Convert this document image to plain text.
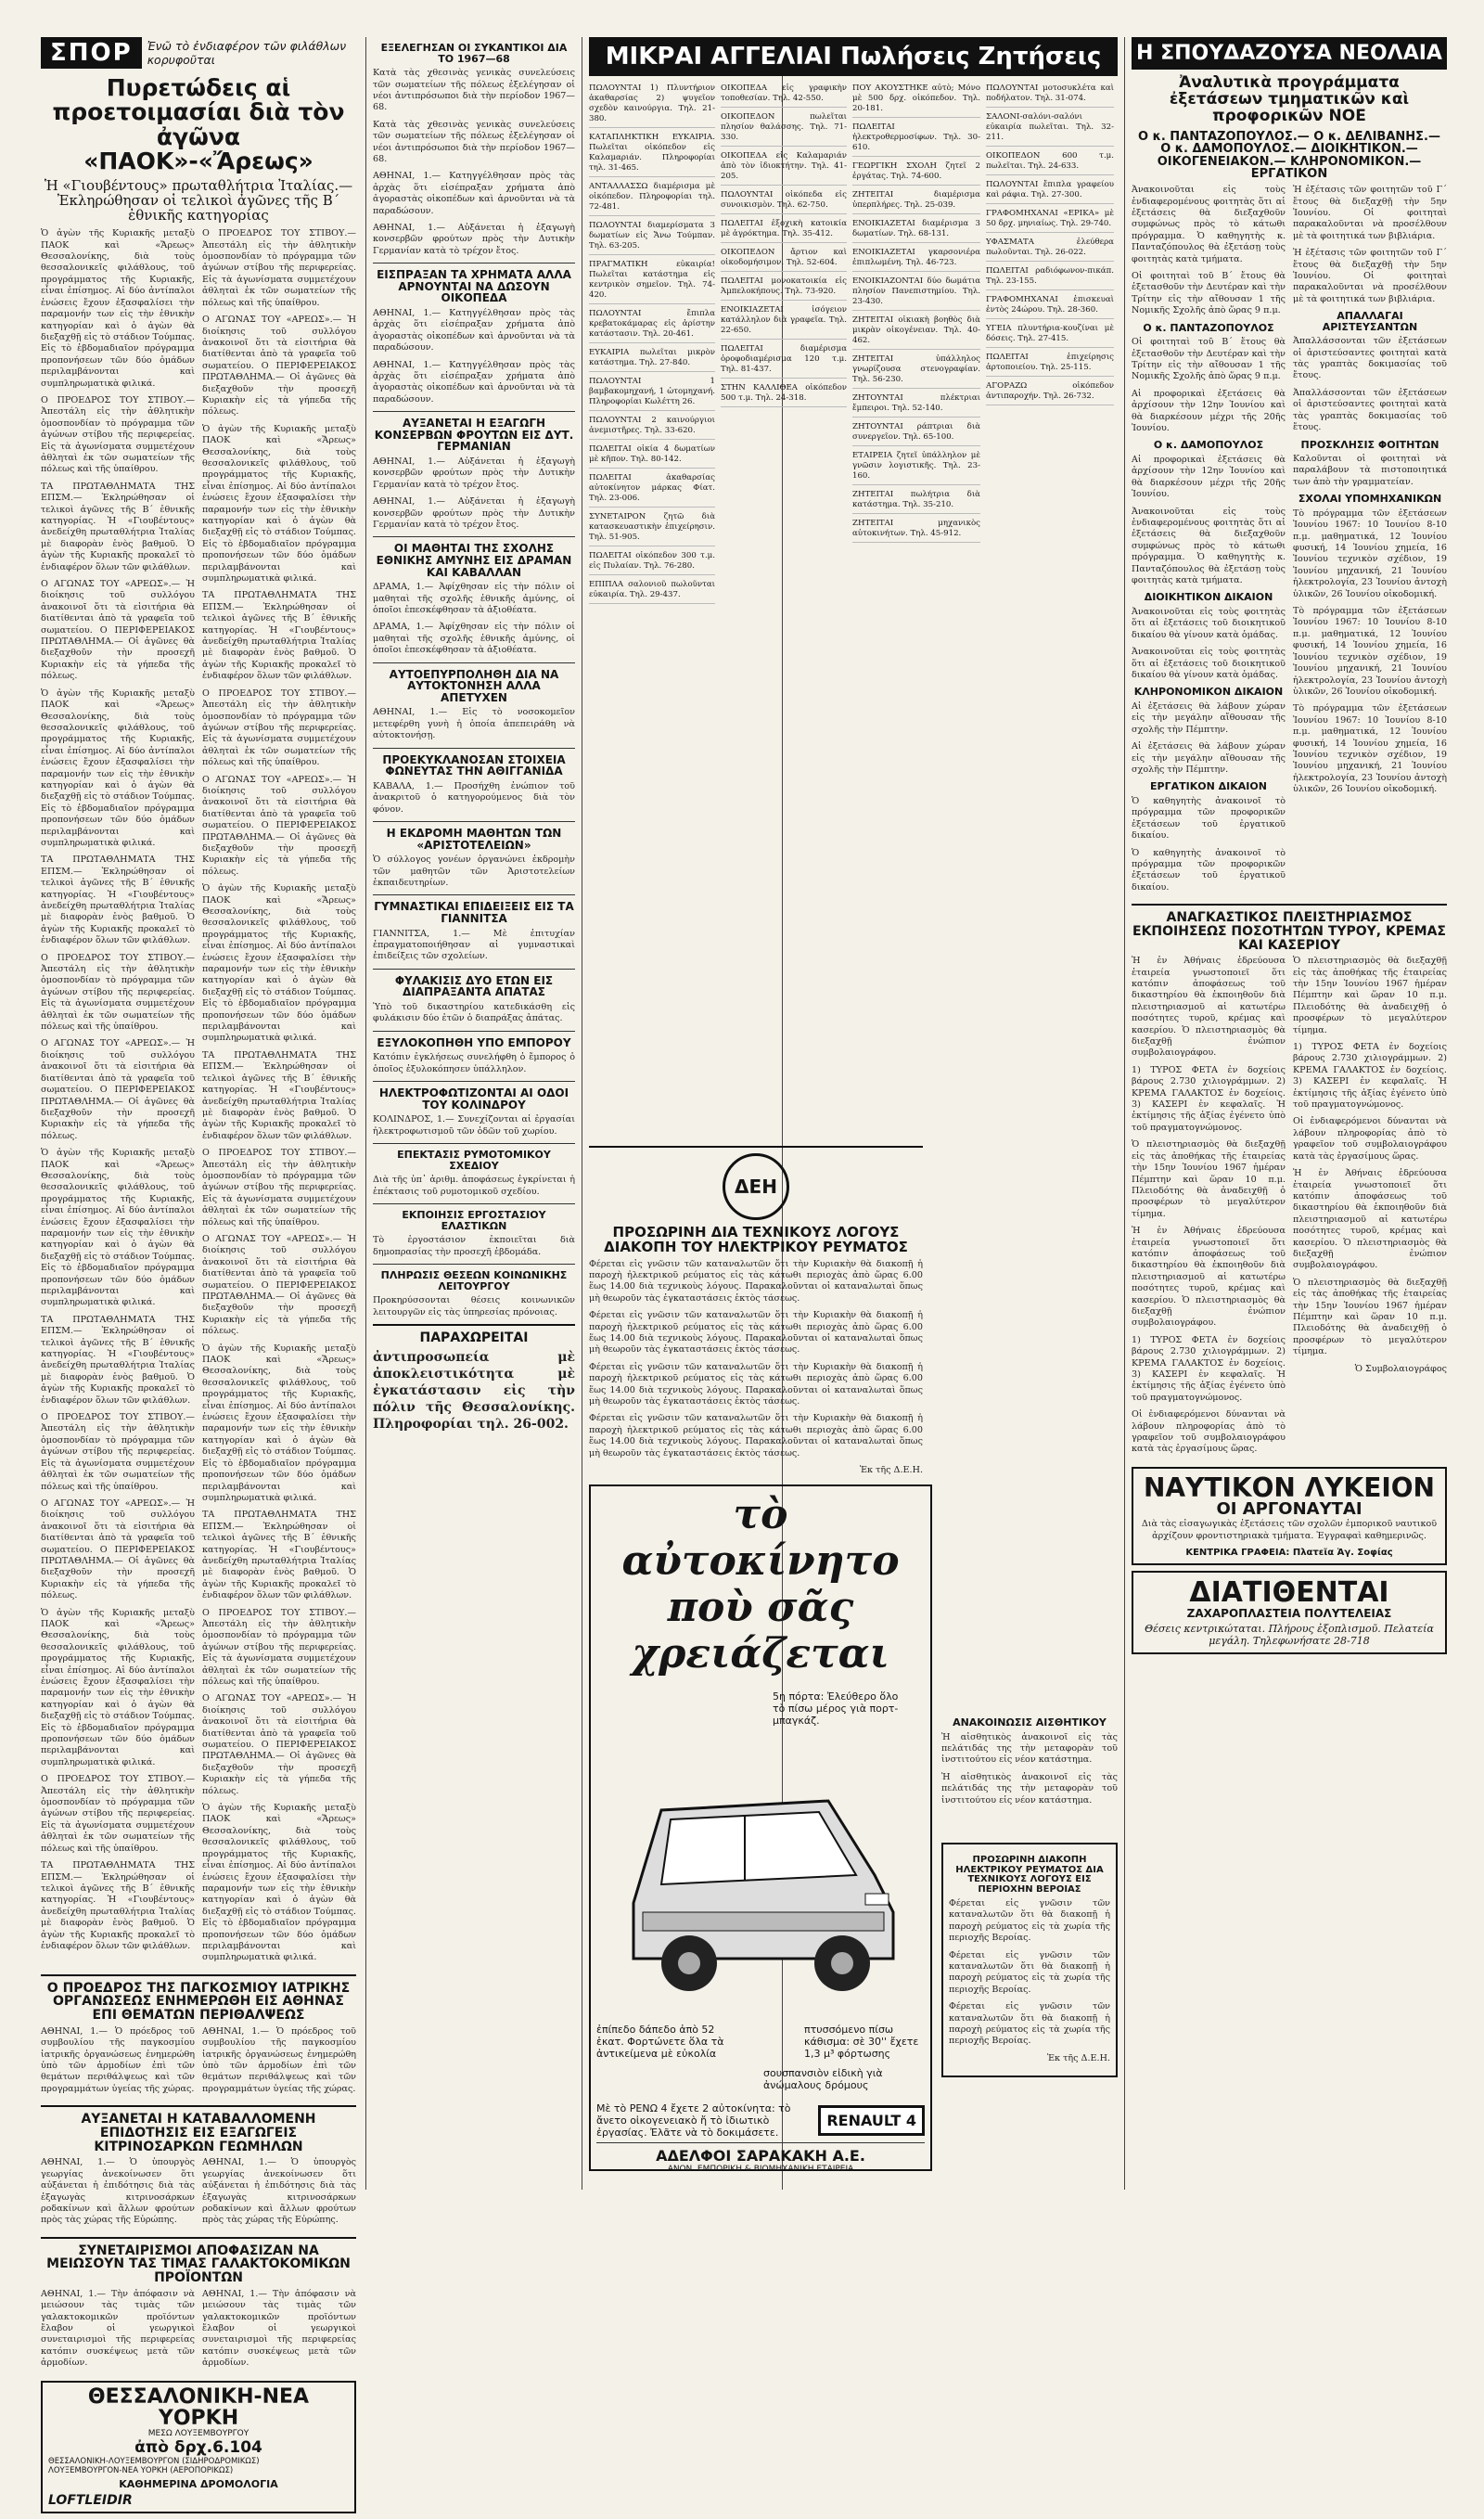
ΣΠΟΡ	Ἐνῶ τὸ ἐνδιαφέρον τῶν φιλάθλων κορυφοῦται
Πυρετώδεις αἱ προετοιμασίαι διὰ τὸν ἀγῶνα «ΠΑΟΚ»-«Ἄρεως»
Ἡ «Γιουβέντους» πρωταθλήτρια Ἰταλίας.— Ἐκληρώθησαν οἱ τελικοὶ ἀγῶνες τῆς Β´ ἐθνικῆς κατηγορίας

Ὁ ἀγὼν τῆς Κυριακῆς μεταξὺ ΠΑΟΚ καὶ «Ἄρεως» Θεσσαλονίκης, διὰ τοὺς θεσσαλονικεῖς φιλάθλους, τοῦ προγράμματος τῆς Κυριακῆς, εἶναι ἐπίσημος. Αἱ δύο ἀντίπαλοι ἑνώσεις ἔχουν ἐξασφαλίσει τὴν παραμονήν των εἰς τὴν ἐθνικὴν κατηγορίαν καὶ ὁ ἀγὼν θὰ διεξαχθῇ εἰς τὸ στάδιον Τούμπας. Εἰς τὸ ἑβδομαδιαῖον πρόγραμμα προπονήσεων τῶν δύο ὁμάδων περιλαμβάνονται καὶ συμπληρωματικὰ φιλικά.

Ο ΠΡΟΕΔΡΟΣ ΤΟΥ ΣΤΙΒΟΥ.— Ἀπεστάλη εἰς τὴν ἀθλητικὴν ὁμοσπονδίαν τὸ πρόγραμμα τῶν ἀγώνων στίβου τῆς περιφερείας. Εἰς τὰ ἀγωνίσματα συμμετέχουν ἀθληταὶ ἐκ τῶν σωματείων τῆς πόλεως καὶ τῆς ὑπαίθρου.

ΤΑ ΠΡΩΤΑΘΛΗΜΑΤΑ ΤΗΣ ΕΠΣΜ.— Ἐκληρώθησαν οἱ τελικοὶ ἀγῶνες τῆς Β´ ἐθνικῆς κατηγορίας. Ἡ «Γιουβέντους» ἀνεδείχθη πρωταθλήτρια Ἰταλίας μὲ διαφορὰν ἑνὸς βαθμοῦ. Ὁ ἀγὼν τῆς Κυριακῆς προκαλεῖ τὸ ἐνδιαφέρον ὅλων τῶν φιλάθλων.

Ο ΑΓΩΝΑΣ ΤΟΥ «ΑΡΕΩΣ».— Ἡ διοίκησις τοῦ συλλόγου ἀνακοινοῖ ὅτι τὰ εἰσιτήρια θὰ διατίθενται ἀπὸ τὰ γραφεῖα τοῦ σωματείου. Ο ΠΕΡΙΦΕΡΕΙΑΚΟΣ ΠΡΩΤΑΘΛΗΜΑ.— Οἱ ἀγῶνες θὰ διεξαχθοῦν τὴν προσεχῆ Κυριακὴν εἰς τὰ γήπεδα τῆς πόλεως.

Ὁ ἀγὼν τῆς Κυριακῆς μεταξὺ ΠΑΟΚ καὶ «Ἄρεως» Θεσσαλονίκης, διὰ τοὺς θεσσαλονικεῖς φιλάθλους, τοῦ προγράμματος τῆς Κυριακῆς, εἶναι ἐπίσημος. Αἱ δύο ἀντίπαλοι ἑνώσεις ἔχουν ἐξασφαλίσει τὴν παραμονήν των εἰς τὴν ἐθνικὴν κατηγορίαν καὶ ὁ ἀγὼν θὰ διεξαχθῇ εἰς τὸ στάδιον Τούμπας. Εἰς τὸ ἑβδομαδιαῖον πρόγραμμα προπονήσεων τῶν δύο ὁμάδων περιλαμβάνονται καὶ συμπληρωματικὰ φιλικά.

ΤΑ ΠΡΩΤΑΘΛΗΜΑΤΑ ΤΗΣ ΕΠΣΜ.— Ἐκληρώθησαν οἱ τελικοὶ ἀγῶνες τῆς Β´ ἐθνικῆς κατηγορίας. Ἡ «Γιουβέντους» ἀνεδείχθη πρωταθλήτρια Ἰταλίας μὲ διαφορὰν ἑνὸς βαθμοῦ. Ὁ ἀγὼν τῆς Κυριακῆς προκαλεῖ τὸ ἐνδιαφέρον ὅλων τῶν φιλάθλων.

Ο ΠΡΟΕΔΡΟΣ ΤΟΥ ΣΤΙΒΟΥ.— Ἀπεστάλη εἰς τὴν ἀθλητικὴν ὁμοσπονδίαν τὸ πρόγραμμα τῶν ἀγώνων στίβου τῆς περιφερείας. Εἰς τὰ ἀγωνίσματα συμμετέχουν ἀθληταὶ ἐκ τῶν σωματείων τῆς πόλεως καὶ τῆς ὑπαίθρου.

Ο ΑΓΩΝΑΣ ΤΟΥ «ΑΡΕΩΣ».— Ἡ διοίκησις τοῦ συλλόγου ἀνακοινοῖ ὅτι τὰ εἰσιτήρια θὰ διατίθενται ἀπὸ τὰ γραφεῖα τοῦ σωματείου. Ο ΠΕΡΙΦΕΡΕΙΑΚΟΣ ΠΡΩΤΑΘΛΗΜΑ.— Οἱ ἀγῶνες θὰ διεξαχθοῦν τὴν προσεχῆ Κυριακὴν εἰς τὰ γήπεδα τῆς πόλεως.

Ὁ ἀγὼν τῆς Κυριακῆς μεταξὺ ΠΑΟΚ καὶ «Ἄρεως» Θεσσαλονίκης, διὰ τοὺς θεσσαλονικεῖς φιλάθλους, τοῦ προγράμματος τῆς Κυριακῆς, εἶναι ἐπίσημος. Αἱ δύο ἀντίπαλοι ἑνώσεις ἔχουν ἐξασφαλίσει τὴν παραμονήν των εἰς τὴν ἐθνικὴν κατηγορίαν καὶ ὁ ἀγὼν θὰ διεξαχθῇ εἰς τὸ στάδιον Τούμπας. Εἰς τὸ ἑβδομαδιαῖον πρόγραμμα προπονήσεων τῶν δύο ὁμάδων περιλαμβάνονται καὶ συμπληρωματικὰ φιλικά.

ΤΑ ΠΡΩΤΑΘΛΗΜΑΤΑ ΤΗΣ ΕΠΣΜ.— Ἐκληρώθησαν οἱ τελικοὶ ἀγῶνες τῆς Β´ ἐθνικῆς κατηγορίας. Ἡ «Γιουβέντους» ἀνεδείχθη πρωταθλήτρια Ἰταλίας μὲ διαφορὰν ἑνὸς βαθμοῦ. Ὁ ἀγὼν τῆς Κυριακῆς προκαλεῖ τὸ ἐνδιαφέρον ὅλων τῶν φιλάθλων.

Ο ΠΡΟΕΔΡΟΣ ΤΟΥ ΣΤΙΒΟΥ.— Ἀπεστάλη εἰς τὴν ἀθλητικὴν ὁμοσπονδίαν τὸ πρόγραμμα τῶν ἀγώνων στίβου τῆς περιφερείας. Εἰς τὰ ἀγωνίσματα συμμετέχουν ἀθληταὶ ἐκ τῶν σωματείων τῆς πόλεως καὶ τῆς ὑπαίθρου.

Ο ΑΓΩΝΑΣ ΤΟΥ «ΑΡΕΩΣ».— Ἡ διοίκησις τοῦ συλλόγου ἀνακοινοῖ ὅτι τὰ εἰσιτήρια θὰ διατίθενται ἀπὸ τὰ γραφεῖα τοῦ σωματείου. Ο ΠΕΡΙΦΕΡΕΙΑΚΟΣ ΠΡΩΤΑΘΛΗΜΑ.— Οἱ ἀγῶνες θὰ διεξαχθοῦν τὴν προσεχῆ Κυριακὴν εἰς τὰ γήπεδα τῆς πόλεως.

Ὁ ἀγὼν τῆς Κυριακῆς μεταξὺ ΠΑΟΚ καὶ «Ἄρεως» Θεσσαλονίκης, διὰ τοὺς θεσσαλονικεῖς φιλάθλους, τοῦ προγράμματος τῆς Κυριακῆς, εἶναι ἐπίσημος. Αἱ δύο ἀντίπαλοι ἑνώσεις ἔχουν ἐξασφαλίσει τὴν παραμονήν των εἰς τὴν ἐθνικὴν κατηγορίαν καὶ ὁ ἀγὼν θὰ διεξαχθῇ εἰς τὸ στάδιον Τούμπας. Εἰς τὸ ἑβδομαδιαῖον πρόγραμμα προπονήσεων τῶν δύο ὁμάδων περιλαμβάνονται καὶ συμπληρωματικὰ φιλικά.

Ο ΠΡΟΕΔΡΟΣ ΤΟΥ ΣΤΙΒΟΥ.— Ἀπεστάλη εἰς τὴν ἀθλητικὴν ὁμοσπονδίαν τὸ πρόγραμμα τῶν ἀγώνων στίβου τῆς περιφερείας. Εἰς τὰ ἀγωνίσματα συμμετέχουν ἀθληταὶ ἐκ τῶν σωματείων τῆς πόλεως καὶ τῆς ὑπαίθρου.

ΤΑ ΠΡΩΤΑΘΛΗΜΑΤΑ ΤΗΣ ΕΠΣΜ.— Ἐκληρώθησαν οἱ τελικοὶ ἀγῶνες τῆς Β´ ἐθνικῆς κατηγορίας. Ἡ «Γιουβέντους» ἀνεδείχθη πρωταθλήτρια Ἰταλίας μὲ διαφορὰν ἑνὸς βαθμοῦ. Ὁ ἀγὼν τῆς Κυριακῆς προκαλεῖ τὸ ἐνδιαφέρον ὅλων τῶν φιλάθλων.

Ο ΠΡΟΕΔΡΟΣ ΤΟΥ ΣΤΙΒΟΥ.— Ἀπεστάλη εἰς τὴν ἀθλητικὴν ὁμοσπονδίαν τὸ πρόγραμμα τῶν ἀγώνων στίβου τῆς περιφερείας. Εἰς τὰ ἀγωνίσματα συμμετέχουν ἀθληταὶ ἐκ τῶν σωματείων τῆς πόλεως καὶ τῆς ὑπαίθρου.

Ο ΑΓΩΝΑΣ ΤΟΥ «ΑΡΕΩΣ».— Ἡ διοίκησις τοῦ συλλόγου ἀνακοινοῖ ὅτι τὰ εἰσιτήρια θὰ διατίθενται ἀπὸ τὰ γραφεῖα τοῦ σωματείου. Ο ΠΕΡΙΦΕΡΕΙΑΚΟΣ ΠΡΩΤΑΘΛΗΜΑ.— Οἱ ἀγῶνες θὰ διεξαχθοῦν τὴν προσεχῆ Κυριακὴν εἰς τὰ γήπεδα τῆς πόλεως.

Ὁ ἀγὼν τῆς Κυριακῆς μεταξὺ ΠΑΟΚ καὶ «Ἄρεως» Θεσσαλονίκης, διὰ τοὺς θεσσαλονικεῖς φιλάθλους, τοῦ προγράμματος τῆς Κυριακῆς, εἶναι ἐπίσημος. Αἱ δύο ἀντίπαλοι ἑνώσεις ἔχουν ἐξασφαλίσει τὴν παραμονήν των εἰς τὴν ἐθνικὴν κατηγορίαν καὶ ὁ ἀγὼν θὰ διεξαχθῇ εἰς τὸ στάδιον Τούμπας. Εἰς τὸ ἑβδομαδιαῖον πρόγραμμα προπονήσεων τῶν δύο ὁμάδων περιλαμβάνονται καὶ συμπληρωματικὰ φιλικά.

ΤΑ ΠΡΩΤΑΘΛΗΜΑΤΑ ΤΗΣ ΕΠΣΜ.— Ἐκληρώθησαν οἱ τελικοὶ ἀγῶνες τῆς Β´ ἐθνικῆς κατηγορίας. Ἡ «Γιουβέντους» ἀνεδείχθη πρωταθλήτρια Ἰταλίας μὲ διαφορὰν ἑνὸς βαθμοῦ. Ὁ ἀγὼν τῆς Κυριακῆς προκαλεῖ τὸ ἐνδιαφέρον ὅλων τῶν φιλάθλων.

Ο ΠΡΟΕΔΡΟΣ ΤΟΥ ΣΤΙΒΟΥ.— Ἀπεστάλη εἰς τὴν ἀθλητικὴν ὁμοσπονδίαν τὸ πρόγραμμα τῶν ἀγώνων στίβου τῆς περιφερείας. Εἰς τὰ ἀγωνίσματα συμμετέχουν ἀθληταὶ ἐκ τῶν σωματείων τῆς πόλεως καὶ τῆς ὑπαίθρου.

Ο ΑΓΩΝΑΣ ΤΟΥ «ΑΡΕΩΣ».— Ἡ διοίκησις τοῦ συλλόγου ἀνακοινοῖ ὅτι τὰ εἰσιτήρια θὰ διατίθενται ἀπὸ τὰ γραφεῖα τοῦ σωματείου. Ο ΠΕΡΙΦΕΡΕΙΑΚΟΣ ΠΡΩΤΑΘΛΗΜΑ.— Οἱ ἀγῶνες θὰ διεξαχθοῦν τὴν προσεχῆ Κυριακὴν εἰς τὰ γήπεδα τῆς πόλεως.

Ὁ ἀγὼν τῆς Κυριακῆς μεταξὺ ΠΑΟΚ καὶ «Ἄρεως» Θεσσαλονίκης, διὰ τοὺς θεσσαλονικεῖς φιλάθλους, τοῦ προγράμματος τῆς Κυριακῆς, εἶναι ἐπίσημος. Αἱ δύο ἀντίπαλοι ἑνώσεις ἔχουν ἐξασφαλίσει τὴν παραμονήν των εἰς τὴν ἐθνικὴν κατηγορίαν καὶ ὁ ἀγὼν θὰ διεξαχθῇ εἰς τὸ στάδιον Τούμπας. Εἰς τὸ ἑβδομαδιαῖον πρόγραμμα προπονήσεων τῶν δύο ὁμάδων περιλαμβάνονται καὶ συμπληρωματικὰ φιλικά.

ΤΑ ΠΡΩΤΑΘΛΗΜΑΤΑ ΤΗΣ ΕΠΣΜ.— Ἐκληρώθησαν οἱ τελικοὶ ἀγῶνες τῆς Β´ ἐθνικῆς κατηγορίας. Ἡ «Γιουβέντους» ἀνεδείχθη πρωταθλήτρια Ἰταλίας μὲ διαφορὰν ἑνὸς βαθμοῦ. Ὁ ἀγὼν τῆς Κυριακῆς προκαλεῖ τὸ ἐνδιαφέρον ὅλων τῶν φιλάθλων.

Ο ΠΡΟΕΔΡΟΣ ΤΟΥ ΣΤΙΒΟΥ.— Ἀπεστάλη εἰς τὴν ἀθλητικὴν ὁμοσπονδίαν τὸ πρόγραμμα τῶν ἀγώνων στίβου τῆς περιφερείας. Εἰς τὰ ἀγωνίσματα συμμετέχουν ἀθληταὶ ἐκ τῶν σωματείων τῆς πόλεως καὶ τῆς ὑπαίθρου.

Ο ΑΓΩΝΑΣ ΤΟΥ «ΑΡΕΩΣ».— Ἡ διοίκησις τοῦ συλλόγου ἀνακοινοῖ ὅτι τὰ εἰσιτήρια θὰ διατίθενται ἀπὸ τὰ γραφεῖα τοῦ σωματείου. Ο ΠΕΡΙΦΕΡΕΙΑΚΟΣ ΠΡΩΤΑΘΛΗΜΑ.— Οἱ ἀγῶνες θὰ διεξαχθοῦν τὴν προσεχῆ Κυριακὴν εἰς τὰ γήπεδα τῆς πόλεως.

Ὁ ἀγὼν τῆς Κυριακῆς μεταξὺ ΠΑΟΚ καὶ «Ἄρεως» Θεσσαλονίκης, διὰ τοὺς θεσσαλονικεῖς φιλάθλους, τοῦ προγράμματος τῆς Κυριακῆς, εἶναι ἐπίσημος. Αἱ δύο ἀντίπαλοι ἑνώσεις ἔχουν ἐξασφαλίσει τὴν παραμονήν των εἰς τὴν ἐθνικὴν κατηγορίαν καὶ ὁ ἀγὼν θὰ διεξαχθῇ εἰς τὸ στάδιον Τούμπας. Εἰς τὸ ἑβδομαδιαῖον πρόγραμμα προπονήσεων τῶν δύο ὁμάδων περιλαμβάνονται καὶ συμπληρωματικὰ φιλικά.

ΤΑ ΠΡΩΤΑΘΛΗΜΑΤΑ ΤΗΣ ΕΠΣΜ.— Ἐκληρώθησαν οἱ τελικοὶ ἀγῶνες τῆς Β´ ἐθνικῆς κατηγορίας. Ἡ «Γιουβέντους» ἀνεδείχθη πρωταθλήτρια Ἰταλίας μὲ διαφορὰν ἑνὸς βαθμοῦ. Ὁ ἀγὼν τῆς Κυριακῆς προκαλεῖ τὸ ἐνδιαφέρον ὅλων τῶν φιλάθλων.

Ο ΠΡΟΕΔΡΟΣ ΤΟΥ ΣΤΙΒΟΥ.— Ἀπεστάλη εἰς τὴν ἀθλητικὴν ὁμοσπονδίαν τὸ πρόγραμμα τῶν ἀγώνων στίβου τῆς περιφερείας. Εἰς τὰ ἀγωνίσματα συμμετέχουν ἀθληταὶ ἐκ τῶν σωματείων τῆς πόλεως καὶ τῆς ὑπαίθρου.

Ο ΑΓΩΝΑΣ ΤΟΥ «ΑΡΕΩΣ».— Ἡ διοίκησις τοῦ συλλόγου ἀνακοινοῖ ὅτι τὰ εἰσιτήρια θὰ διατίθενται ἀπὸ τὰ γραφεῖα τοῦ σωματείου. Ο ΠΕΡΙΦΕΡΕΙΑΚΟΣ ΠΡΩΤΑΘΛΗΜΑ.— Οἱ ἀγῶνες θὰ διεξαχθοῦν τὴν προσεχῆ Κυριακὴν εἰς τὰ γήπεδα τῆς πόλεως.

Ὁ ἀγὼν τῆς Κυριακῆς μεταξὺ ΠΑΟΚ καὶ «Ἄρεως» Θεσσαλονίκης, διὰ τοὺς θεσσαλονικεῖς φιλάθλους, τοῦ προγράμματος τῆς Κυριακῆς, εἶναι ἐπίσημος. Αἱ δύο ἀντίπαλοι ἑνώσεις ἔχουν ἐξασφαλίσει τὴν παραμονήν των εἰς τὴν ἐθνικὴν κατηγορίαν καὶ ὁ ἀγὼν θὰ διεξαχθῇ εἰς τὸ στάδιον Τούμπας. Εἰς τὸ ἑβδομαδιαῖον πρόγραμμα προπονήσεων τῶν δύο ὁμάδων περιλαμβάνονται καὶ συμπληρωματικὰ φιλικά.

Ο ΠΡΟΕΔΡΟΣ ΤΗΣ ΠΑΓΚΟΣΜΙΟΥ ΙΑΤΡΙΚΗΣ ΟΡΓΑΝΩΣΕΩΣ ΕΝΗΜΕΡΩΘΗ ΕΙΣ ΑΘΗΝΑΣ ΕΠΙ ΘΕΜΑΤΩΝ ΠΕΡΙΘΑΛΨΕΩΣ

ΑΘΗΝΑΙ, 1.— Ὁ πρόεδρος τοῦ συμβουλίου τῆς παγκοσμίου ἰατρικῆς ὀργανώσεως ἐνημερώθη ὑπὸ τῶν ἁρμοδίων ἐπὶ τῶν θεμάτων περιθάλψεως καὶ τῶν προγραμμάτων ὑγείας τῆς χώρας.

ΑΘΗΝΑΙ, 1.— Ὁ πρόεδρος τοῦ συμβουλίου τῆς παγκοσμίου ἰατρικῆς ὀργανώσεως ἐνημερώθη ὑπὸ τῶν ἁρμοδίων ἐπὶ τῶν θεμάτων περιθάλψεως καὶ τῶν προγραμμάτων ὑγείας τῆς χώρας.

ΑΥΞΑΝΕΤΑΙ Η ΚΑΤΑΒΑΛΛΟΜΕΝΗ ΕΠΙΔΟΤΗΣΙΣ ΕΙΣ ΕΞΑΓΩΓΕΙΣ ΚΙΤΡΙΝΟΣΑΡΚΩΝ ΓΕΩΜΗΛΩΝ

ΑΘΗΝΑΙ, 1.— Ὁ ὑπουργὸς γεωργίας ἀνεκοίνωσεν ὅτι αὐξάνεται ἡ ἐπιδότησις διὰ τὰς ἐξαγωγὰς κιτρινοσάρκων ροδακίνων καὶ ἄλλων φρούτων πρὸς τὰς χώρας τῆς Εὐρώπης.

ΑΘΗΝΑΙ, 1.— Ὁ ὑπουργὸς γεωργίας ἀνεκοίνωσεν ὅτι αὐξάνεται ἡ ἐπιδότησις διὰ τὰς ἐξαγωγὰς κιτρινοσάρκων ροδακίνων καὶ ἄλλων φρούτων πρὸς τὰς χώρας τῆς Εὐρώπης.

ΣΥΝΕΤΑΙΡΙΣΜΟΙ ΑΠΟΦΑΣΙΖΑΝ ΝΑ ΜΕΙΩΣΟΥΝ ΤΑΣ ΤΙΜΑΣ ΓΑΛΑΚΤΟΚΟΜΙΚΩΝ ΠΡΟΪΟΝΤΩΝ

ΑΘΗΝΑΙ, 1.— Τὴν ἀπόφασιν νὰ μειώσουν τὰς τιμὰς τῶν γαλακτοκομικῶν προϊόντων ἔλαβον οἱ γεωργικοὶ συνεταιρισμοὶ τῆς περιφερείας κατόπιν συσκέψεως μετὰ τῶν ἁρμοδίων.

ΑΘΗΝΑΙ, 1.— Τὴν ἀπόφασιν νὰ μειώσουν τὰς τιμὰς τῶν γαλακτοκομικῶν προϊόντων ἔλαβον οἱ γεωργικοὶ συνεταιρισμοὶ τῆς περιφερείας κατόπιν συσκέψεως μετὰ τῶν ἁρμοδίων.

ΘΕΣΣΑΛΟΝΙΚΗ-ΝΕΑ ΥΟΡΚΗ
ΜΕΣΩ ΛΟΥΞΕΜΒΟΥΡΓΟΥ
ἀπὸ δρχ.6.104
ΘΕΣΣΑΛΟΝΙΚΗ-ΛΟΥΞΕΜΒΟΥΡΓΟΝ (ΣΙΔΗΡΟΔΡΟΜΙΚΩΣ)
ΛΟΥΞΕΜΒΟΥΡΓΟΝ-ΝΕΑ ΥΟΡΚΗ (ΑΕΡΟΠΟΡΙΚΩΣ)
ΚΑΘΗΜΕΡΙΝΑ ΔΡΟΜΟΛΟΓΙΑ
LOFTLEIDIR
ΕΞΕΛΕΓΗΣΑΝ ΟΙ ΣΥΚΑΝΤΙΚΟΙ ΔΙΑ ΤΟ 1967—68

Κατὰ τὰς χθεσινὰς γενικὰς συνελεύσεις τῶν σωματείων τῆς πόλεως ἐξελέγησαν οἱ νέοι ἀντιπρόσωποι διὰ τὴν περίοδον 1967—68.

Κατὰ τὰς χθεσινὰς γενικὰς συνελεύσεις τῶν σωματείων τῆς πόλεως ἐξελέγησαν οἱ νέοι ἀντιπρόσωποι διὰ τὴν περίοδον 1967—68.

ΑΘΗΝΑΙ, 1.— Κατηγγέλθησαν πρὸς τὰς ἀρχὰς ὅτι εἰσέπραξαν χρήματα ἀπὸ ἀγοραστὰς οἰκοπέδων καὶ ἀρνοῦνται νὰ τὰ παραδώσουν.

ΑΘΗΝΑΙ, 1.— Αὐξάνεται ἡ ἐξαγωγὴ κονσερβῶν φρούτων πρὸς τὴν Δυτικὴν Γερμανίαν κατὰ τὸ τρέχον ἔτος.

ΕΙΣΠΡΑΞΑΝ ΤΑ ΧΡΗΜΑΤΑ ΑΛΛΑ ΑΡΝΟΥΝΤΑΙ ΝΑ ΔΩΣΟΥΝ ΟΙΚΟΠΕΔΑ

ΑΘΗΝΑΙ, 1.— Κατηγγέλθησαν πρὸς τὰς ἀρχὰς ὅτι εἰσέπραξαν χρήματα ἀπὸ ἀγοραστὰς οἰκοπέδων καὶ ἀρνοῦνται νὰ τὰ παραδώσουν.

ΑΘΗΝΑΙ, 1.— Κατηγγέλθησαν πρὸς τὰς ἀρχὰς ὅτι εἰσέπραξαν χρήματα ἀπὸ ἀγοραστὰς οἰκοπέδων καὶ ἀρνοῦνται νὰ τὰ παραδώσουν.

ΑΥΞΑΝΕΤΑΙ Η ΕΞΑΓΩΓΗ ΚΟΝΣΕΡΒΩΝ ΦΡΟΥΤΩΝ ΕΙΣ ΔΥΤ. ΓΕΡΜΑΝΙΑΝ

ΑΘΗΝΑΙ, 1.— Αὐξάνεται ἡ ἐξαγωγὴ κονσερβῶν φρούτων πρὸς τὴν Δυτικὴν Γερμανίαν κατὰ τὸ τρέχον ἔτος.

ΑΘΗΝΑΙ, 1.— Αὐξάνεται ἡ ἐξαγωγὴ κονσερβῶν φρούτων πρὸς τὴν Δυτικὴν Γερμανίαν κατὰ τὸ τρέχον ἔτος.

ΟΙ ΜΑΘΗΤΑΙ ΤΗΣ ΣΧΟΛΗΣ ΕΘΝΙΚΗΣ ΑΜΥΝΗΣ ΕΙΣ ΔΡΑΜΑΝ ΚΑΙ ΚΑΒΑΛΛΑΝ

ΔΡΑΜΑ, 1.— Ἀφίχθησαν εἰς τὴν πόλιν οἱ μαθηταὶ τῆς σχολῆς ἐθνικῆς ἀμύνης, οἱ ὁποῖοι ἐπεσκέφθησαν τὰ ἀξιοθέατα.

ΔΡΑΜΑ, 1.— Ἀφίχθησαν εἰς τὴν πόλιν οἱ μαθηταὶ τῆς σχολῆς ἐθνικῆς ἀμύνης, οἱ ὁποῖοι ἐπεσκέφθησαν τὰ ἀξιοθέατα.

ΑΥΤΟΕΠΥΡΠΟΛΗΘΗ ΔΙΑ ΝΑ ΑΥΤΟΚΤΟΝΗΣΗ ΑΛΛΑ ΑΠΕΤΥΧΕΝ

ΑΘΗΝΑΙ, 1.— Εἰς τὸ νοσοκομεῖον μετεφέρθη γυνὴ ἡ ὁποία ἀπεπειράθη νὰ αὐτοκτονήσῃ.

ΠΡΟΕΚΥΚΛΑΝΟΣΑΝ ΣΤΟΙΧΕΙΑ ΦΩΝΕΥΤΑΣ ΤΗΝ ΑΘΙΓΓΑΝΙΔΑ

ΚΑΒΑΛΑ, 1.— Προσήχθη ἐνώπιον τοῦ ἀνακριτοῦ ὁ κατηγορούμενος διὰ τὸν φόνον.

Η ΕΚΔΡΟΜΗ ΜΑΘΗΤΩΝ ΤΩΝ «ΑΡΙΣΤΟΤΕΛΕΙΩΝ»

Ὁ σύλλογος γονέων ὀργανώνει ἐκδρομὴν τῶν μαθητῶν τῶν Ἀριστοτελείων ἐκπαιδευτηρίων.

ΓΥΜΝΑΣΤΙΚΑΙ ΕΠΙΔΕΙΞΕΙΣ ΕΙΣ ΤΑ ΓΙΑΝΝΙΤΣΑ

ΓΙΑΝΝΙΤΣΑ, 1.— Μὲ ἐπιτυχίαν ἐπραγματοποιήθησαν αἱ γυμναστικαὶ ἐπιδείξεις τῶν σχολείων.

ΦΥΛΑΚΙΣΙΣ ΔΥΟ ΕΤΩΝ ΕΙΣ ΔΙΑΠΡΑΞΑΝΤΑ ΑΠΑΤΑΣ

Ὑπὸ τοῦ δικαστηρίου κατεδικάσθη εἰς φυλάκισιν δύο ἐτῶν ὁ διαπράξας ἀπάτας.

ΕΞΥΛΟΚΟΠΗΘΗ ΥΠΟ ΕΜΠΟΡΟΥ

Κατόπιν ἐγκλήσεως συνελήφθη ὁ ἔμπορος ὁ ὁποῖος ἐξυλοκόπησεν ὑπάλληλον.

ΗΛΕΚΤΡΟΦΩΤΙΖΟΝΤΑΙ ΑΙ ΟΔΟΙ ΤΟΥ ΚΟΛΙΝΔΡΟΥ

ΚΟΛΙΝΔΡΟΣ, 1.— Συνεχίζονται αἱ ἐργασίαι ἠλεκτροφωτισμοῦ τῶν ὁδῶν τοῦ χωρίου.

ΕΠΕΚΤΑΣΙΣ ΡΥΜΟΤΟΜΙΚΟΥ ΣΧΕΔΙΟΥ

Διὰ τῆς ὑπ᾽ ἀριθμ. ἀποφάσεως ἐγκρίνεται ἡ ἐπέκτασις τοῦ ρυμοτομικοῦ σχεδίου.

ΕΚΠΟΙΗΣΙΣ ΕΡΓΟΣΤΑΣΙΟΥ ΕΛΑΣΤΙΚΩΝ

Τὸ ἐργοστάσιον ἐκποιεῖται διὰ δημοπρασίας τὴν προσεχῆ ἑβδομάδα.

ΠΛΗΡΩΣΙΣ ΘΕΣΕΩΝ ΚΟΙΝΩΝΙΚΗΣ ΛΕΙΤΟΥΡΓΟΥ

Προκηρύσσονται θέσεις κοινωνικῶν λειτουργῶν εἰς τὰς ὑπηρεσίας πρόνοιας.

ΠΑΡΑΧΩΡΕΙΤΑΙ

ἀντιπροσωπεία μὲ ἀποκλειστικότητα μὲ ἐγκατάστασιν εἰς τὴν πόλιν τῆς Θεσσαλονίκης. Πληροφορίαι τηλ. 26-002.

ΜΙΚΡΑΙ ΑΓΓΕΛΙΑΙ Πωλήσεις Ζητήσεις

ΠΩΛΟΥΝΤΑΙ 1) Πλυντήριον ἀκαθαρσίας 2) ψυγεῖον σχεδὸν καινούργια. Τηλ. 21-380.

ΚΑΤΑΠΛΗΚΤΙΚΗ ΕΥΚΑΙΡΙΑ. Πωλεῖται οἰκόπεδον εἰς Καλαμαριάν. Πληροφορίαι τηλ. 31-465.

ΑΝΤΑΛΛΑΣΣΩ διαμέρισμα μὲ οἰκόπεδον. Πληροφορίαι τηλ. 72-481.

ΠΩΛΟΥΝΤΑΙ διαμερίσματα 3 δωματίων εἰς Ἄνω Τούμπαν. Τηλ. 63-205.

ΠΡΑΓΜΑΤΙΚΗ εὐκαιρία! Πωλεῖται κατάστημα εἰς κεντρικὸν σημεῖον. Τηλ. 74-420.

ΠΩΛΟΥΝΤΑΙ ἔπιπλα κρεβατοκάμαρας εἰς ἀρίστην κατάστασιν. Τηλ. 20-461.

ΕΥΚΑΙΡΙΑ πωλεῖται μικρὸν κατάστημα. Τηλ. 27-840.

ΠΩΛΟΥΝΤΑΙ 1 βαμβακομηχανή, 1 ὠτομηχανή. Πληροφορίαι Κωλέττη 26.

ΠΩΛΟΥΝΤΑΙ 2 καινούργιοι ἀνεμιστῆρες. Τηλ. 33-620.

ΠΩΛΕΙΤΑΙ οἰκία 4 δωματίων μὲ κῆπον. Τηλ. 80-142.

ΠΩΛΕΙΤΑΙ ἀκαθαρσίας αὐτοκίνητον μάρκας Φίατ. Τηλ. 23-006.

ΣΥΝΕΤΑΙΡΟΝ ζητῶ διὰ κατασκευαστικὴν ἐπιχείρησιν. Τηλ. 51-905.

ΠΩΛΕΙΤΑΙ οἰκόπεδον 300 τ.μ. εἰς Πυλαίαν. Τηλ. 76-280.

ΕΠΙΠΛΑ σαλονιοῦ πωλοῦνται εὐκαιρία. Τηλ. 29-437.

ΟΙΚΟΠΕΔΑ εἰς γραφικὴν τοποθεσίαν. Τηλ. 42-550.

ΟΙΚΟΠΕΔΟΝ πωλεῖται πλησίον θαλάσσης. Τηλ. 71-330.

ΟΙΚΟΠΕΔΑ εἰς Καλαμαριάν ἀπὸ τὸν ἰδιοκτήτην. Τηλ. 41-205.

ΠΩΛΟΥΝΤΑΙ οἰκόπεδα εἰς συνοικισμὸν. Τηλ. 62-750.

ΠΩΛΕΙΤΑΙ ἐξοχικὴ κατοικία μὲ ἀγρόκτημα. Τηλ. 35-412.

ΟΙΚΟΠΕΔΟΝ ἄρτιον καὶ οἰκοδομήσιμον. Τηλ. 52-604.

ΠΩΛΕΙΤΑΙ μονοκατοικία εἰς Ἀμπελοκήπους. Τηλ. 73-920.

ΕΝΟΙΚΙΑΖΕΤΑΙ ἰσόγειον κατάλληλον διὰ γραφεῖα. Τηλ. 22-650.

ΠΩΛΕΙΤΑΙ διαμέρισμα ὀροφοδιαμέρισμα 120 τ.μ. Τηλ. 81-437.

ΣΤΗΝ ΚΑΛΛΙΘΕΑ οἰκόπεδον 500 τ.μ. Τηλ. 24-318.

ΠΟΥ ΑΚΟΥΣΤΗΚΕ αὐτὸ; Μόνο μὲ 500 δρχ. οἰκόπεδον. Τηλ. 20-181.

ΠΩΛΕΙΤΑΙ ἠλεκτροθερμοσίφων. Τηλ. 30-610.

ΓΕΩΡΓΙΚΗ ΣΧΟΛΗ ζητεῖ 2 ἐργάτας. Τηλ. 74-600.

ΖΗΤΕΙΤΑΙ διαμέρισμα ὑπερπλήρες. Τηλ. 25-039.

ΕΝΟΙΚΙΑΖΕΤΑΙ διαμέρισμα 3 δωματίων. Τηλ. 68-131.

ΕΝΟΙΚΙΑΖΕΤΑΙ γκαρσονιέρα ἐπιπλωμένη. Τηλ. 46-723.

ΕΝΟΙΚΙΑΖΟΝΤΑΙ δύο δωμάτια πλησίον Πανεπιστημίου. Τηλ. 23-430.

ΖΗΤΕΙΤΑΙ οἰκιακὴ βοηθὸς διὰ μικρὰν οἰκογένειαν. Τηλ. 40-462.

ΖΗΤΕΙΤΑΙ ὑπάλληλος γνωρίζουσα στενογραφίαν. Τηλ. 56-230.

ΖΗΤΟΥΝΤΑΙ πλέκτριαι ἔμπειροι. Τηλ. 52-140.

ΖΗΤΟΥΝΤΑΙ ράπτριαι διὰ συνεργεῖον. Τηλ. 65-100.

ΕΤΑΙΡΕΙΑ ζητεῖ ὑπάλληλον μὲ γνῶσιν λογιστικῆς. Τηλ. 23-160.

ΖΗΤΕΙΤΑΙ πωλήτρια διὰ κατάστημα. Τηλ. 35-210.

ΖΗΤΕΙΤΑΙ μηχανικὸς αὐτοκινήτων. Τηλ. 45-912.

ΠΩΛΟΥΝΤΑΙ μοτοσυκλέτα καὶ ποδήλατον. Τηλ. 31-074.

ΣΑΛΟΝΙ-σαλόνι-σαλόνι εὐκαιρία πωλεῖται. Τηλ. 32-211.

ΟΙΚΟΠΕΔΟΝ 600 τ.μ. πωλεῖται. Τηλ. 24-633.

ΠΩΛΟΥΝΤΑΙ ἔπιπλα γραφείου καὶ ράφια. Τηλ. 27-300.

ΓΡΑΦΟΜΗΧΑΝΑΙ «ΕΡΙΚΑ» μὲ 50 δρχ. μηνιαίως. Τηλ. 29-740.

ΥΦΑΣΜΑΤΑ ἐλεύθερα πωλοῦνται. Τηλ. 26-022.

ΠΩΛΕΙΤΑΙ ραδιόφωνον-πικάπ. Τηλ. 23-155.

ΓΡΑΦΟΜΗΧΑΝΑΙ ἐπισκευαὶ ἐντὸς 24ώρου. Τηλ. 28-360.

ΥΓΕΙΑ πλυντήρια-κουζίναι μὲ δόσεις. Τηλ. 27-415.

ΠΩΛΕΙΤΑΙ ἐπιχείρησις ἀρτοποιείου. Τηλ. 25-115.

ΑΓΟΡΑΖΩ οἰκόπεδον ἀντιπαροχήν. Τηλ. 26-732.

ΔΕΗ
ΠΡΟΣΩΡΙΝΗ ΔΙΑ ΤΕΧΝΙΚΟΥΣ ΛΟΓΟΥΣ ΔΙΑΚΟΠΗ ΤΟΥ ΗΛΕΚΤΡΙΚΟΥ ΡΕΥΜΑΤΟΣ

Φέρεται εἰς γνῶσιν τῶν καταναλωτῶν ὅτι τὴν Κυριακὴν θὰ διακοπῇ ἡ παροχὴ ἠλεκτρικοῦ ρεύματος εἰς τὰς κάτωθι περιοχὰς ἀπὸ ὥρας 6.00 ἕως 14.00 διὰ τεχνικοὺς λόγους. Παρακαλοῦνται οἱ καταναλωταὶ ὅπως μὴ θεωροῦν τὰς ἐγκαταστάσεις ἐκτὸς τάσεως.

Φέρεται εἰς γνῶσιν τῶν καταναλωτῶν ὅτι τὴν Κυριακὴν θὰ διακοπῇ ἡ παροχὴ ἠλεκτρικοῦ ρεύματος εἰς τὰς κάτωθι περιοχὰς ἀπὸ ὥρας 6.00 ἕως 14.00 διὰ τεχνικοὺς λόγους. Παρακαλοῦνται οἱ καταναλωταὶ ὅπως μὴ θεωροῦν τὰς ἐγκαταστάσεις ἐκτὸς τάσεως.

Φέρεται εἰς γνῶσιν τῶν καταναλωτῶν ὅτι τὴν Κυριακὴν θὰ διακοπῇ ἡ παροχὴ ἠλεκτρικοῦ ρεύματος εἰς τὰς κάτωθι περιοχὰς ἀπὸ ὥρας 6.00 ἕως 14.00 διὰ τεχνικοὺς λόγους. Παρακαλοῦνται οἱ καταναλωταὶ ὅπως μὴ θεωροῦν τὰς ἐγκαταστάσεις ἐκτὸς τάσεως.

Φέρεται εἰς γνῶσιν τῶν καταναλωτῶν ὅτι τὴν Κυριακὴν θὰ διακοπῇ ἡ παροχὴ ἠλεκτρικοῦ ρεύματος εἰς τὰς κάτωθι περιοχὰς ἀπὸ ὥρας 6.00 ἕως 14.00 διὰ τεχνικοὺς λόγους. Παρακαλοῦνται οἱ καταναλωταὶ ὅπως μὴ θεωροῦν τὰς ἐγκαταστάσεις ἐκτὸς τάσεως.

Ἐκ τῆς Δ.Ε.Η.

τὸ αὐτοκίνητο ποὺ σᾶς χρειάζεται
5η πόρτα: Ἐλεύθερο ὅλο τὸ πίσω μέρος γιὰ πορτ-μπαγκάζ.
ἐπίπεδο δάπεδο ἀπὸ 52 ἑκατ. Φορτώνετε ὅλα τὰ ἀντικείμενα μὲ εὐκολία
πτυσσόμενο πίσω κάθισμα: σὲ 30'' ἔχετε 1,3 μ³ φόρτωσης
σουσπανσιὸν εἰδικὴ γιὰ ἀνώμαλους δρόμους
Μὲ τὸ ΡΕΝΩ 4 ἔχετε 2 αὐτοκίνητα: τὸ ἄνετο οἰκογενειακὸ ἤ τὸ ἰδιωτικὸ ἐργασίας. Ἐλᾶτε νὰ τὸ δοκιμάσετε.
RENAULT 4
ΑΔΕΛΦΟΙ ΣΑΡΑΚΑΚΗ Α.Ε.
ΑΝΩΝ. ΕΜΠΟΡΙΚΗ & ΒΙΟΜΗΧΑΝΙΚΗ ΕΤΑΙΡΕΙΑ
ΠΡΟΣΩΡΙΝΗ ΔΙΑΚΟΠΗ ΗΛΕΚΤΡΙΚΟΥ ΡΕΥΜΑΤΟΣ ΔΙΑ ΤΕΧΝΙΚΟΥΣ ΛΟΓΟΥΣ ΕΙΣ ΠΕΡΙΟΧΗΝ ΒΕΡΟΙΑΣ

Φέρεται εἰς γνῶσιν τῶν καταναλωτῶν ὅτι θὰ διακοπῇ ἡ παροχὴ ρεύματος εἰς τὰ χωρία τῆς περιοχῆς Βεροίας.

Φέρεται εἰς γνῶσιν τῶν καταναλωτῶν ὅτι θὰ διακοπῇ ἡ παροχὴ ρεύματος εἰς τὰ χωρία τῆς περιοχῆς Βεροίας.

Φέρεται εἰς γνῶσιν τῶν καταναλωτῶν ὅτι θὰ διακοπῇ ἡ παροχὴ ρεύματος εἰς τὰ χωρία τῆς περιοχῆς Βεροίας.

Ἐκ τῆς Δ.Ε.Η.

ΑΝΑΚΟΙΝΩΣΙΣ ΑΙΣΘΗΤΙΚΟΥ

Ἡ αἰσθητικὸς ἀνακοινοῖ εἰς τὰς πελάτιδάς της τὴν μεταφορὰν τοῦ ἰνστιτούτου εἰς νέον κατάστημα.

Ἡ αἰσθητικὸς ἀνακοινοῖ εἰς τὰς πελάτιδάς της τὴν μεταφορὰν τοῦ ἰνστιτούτου εἰς νέον κατάστημα.

Η ΣΠΟΥΔΑΖΟΥΣΑ ΝΕΟΛΑΙΑ
Ἀναλυτικὰ προγράμματα ἐξετάσεων τμηματικῶν καὶ προφορικῶν ΝΟΕ
Ο κ. ΠΑΝΤΑΖΟΠΟΥΛΟΣ.— Ο κ. ΔΕΛΙΒΑΝΗΣ.— Ο κ. ΔΑΜΟΠΟΥΛΟΣ.— ΔΙΟΙΚΗΤΙΚΟΝ.— ΟΙΚΟΓΕΝΕΙΑΚΟΝ.— ΚΛΗΡΟΝΟΜΙΚΟΝ.— ΕΡΓΑΤΙΚΟΝ

Ἀνακοινοῦται εἰς τοὺς ἐνδιαφερομένους φοιτητὰς ὅτι αἱ ἐξετάσεις θὰ διεξαχθοῦν συμφώνως πρὸς τὸ κάτωθι πρόγραμμα. Ὁ καθηγητὴς κ. Πανταζόπουλος θὰ ἐξετάσῃ τοὺς φοιτητὰς κατὰ τμήματα.

Οἱ φοιτηταὶ τοῦ Β´ ἔτους θὰ ἐξετασθοῦν τὴν Δευτέραν καὶ τὴν Τρίτην εἰς τὴν αἴθουσαν 1 τῆς Νομικῆς Σχολῆς ἀπὸ ὥρας 9 π.μ.

Ο κ. ΠΑΝΤΑΖΟΠΟΥΛΟΣ

Οἱ φοιτηταὶ τοῦ Β´ ἔτους θὰ ἐξετασθοῦν τὴν Δευτέραν καὶ τὴν Τρίτην εἰς τὴν αἴθουσαν 1 τῆς Νομικῆς Σχολῆς ἀπὸ ὥρας 9 π.μ.

Αἱ προφορικαὶ ἐξετάσεις θὰ ἀρχίσουν τὴν 12ην Ἰουνίου καὶ θὰ διαρκέσουν μέχρι τῆς 20ῆς Ἰουνίου.

Ο κ. ΔΑΜΟΠΟΥΛΟΣ

Αἱ προφορικαὶ ἐξετάσεις θὰ ἀρχίσουν τὴν 12ην Ἰουνίου καὶ θὰ διαρκέσουν μέχρι τῆς 20ῆς Ἰουνίου.

Ἀνακοινοῦται εἰς τοὺς ἐνδιαφερομένους φοιτητὰς ὅτι αἱ ἐξετάσεις θὰ διεξαχθοῦν συμφώνως πρὸς τὸ κάτωθι πρόγραμμα. Ὁ καθηγητὴς κ. Πανταζόπουλος θὰ ἐξετάσῃ τοὺς φοιτητὰς κατὰ τμήματα.

ΔΙΟΙΚΗΤΙΚΟΝ ΔΙΚΑΙΟΝ

Ἀνακοινοῦται εἰς τοὺς φοιτητὰς ὅτι αἱ ἐξετάσεις τοῦ διοικητικοῦ δικαίου θὰ γίνουν κατὰ ὁμάδας.

Ἀνακοινοῦται εἰς τοὺς φοιτητὰς ὅτι αἱ ἐξετάσεις τοῦ διοικητικοῦ δικαίου θὰ γίνουν κατὰ ὁμάδας.

ΚΛΗΡΟΝΟΜΙΚΟΝ ΔΙΚΑΙΟΝ

Αἱ ἐξετάσεις θὰ λάβουν χώραν εἰς τὴν μεγάλην αἴθουσαν τῆς σχολῆς τὴν Πέμπτην.

Αἱ ἐξετάσεις θὰ λάβουν χώραν εἰς τὴν μεγάλην αἴθουσαν τῆς σχολῆς τὴν Πέμπτην.

ΕΡΓΑΤΙΚΟΝ ΔΙΚΑΙΟΝ

Ὁ καθηγητὴς ἀνακοινοῖ τὸ πρόγραμμα τῶν προφορικῶν ἐξετάσεων τοῦ ἐργατικοῦ δικαίου.

Ὁ καθηγητὴς ἀνακοινοῖ τὸ πρόγραμμα τῶν προφορικῶν ἐξετάσεων τοῦ ἐργατικοῦ δικαίου.

Ἡ ἐξέτασις τῶν φοιτητῶν τοῦ Γ´ ἔτους θὰ διεξαχθῇ τὴν 5ην Ἰουνίου. Οἱ φοιτηταὶ παρακαλοῦνται νὰ προσέλθουν μὲ τὰ φοιτητικά των βιβλιάρια.

Ἡ ἐξέτασις τῶν φοιτητῶν τοῦ Γ´ ἔτους θὰ διεξαχθῇ τὴν 5ην Ἰουνίου. Οἱ φοιτηταὶ παρακαλοῦνται νὰ προσέλθουν μὲ τὰ φοιτητικά των βιβλιάρια.

ΑΠΑΛΛΑΓΑΙ ΑΡΙΣΤΕΥΣΑΝΤΩΝ

Ἀπαλλάσσονται τῶν ἐξετάσεων οἱ ἀριστεύσαντες φοιτηταὶ κατὰ τὰς γραπτὰς δοκιμασίας τοῦ ἔτους.

Ἀπαλλάσσονται τῶν ἐξετάσεων οἱ ἀριστεύσαντες φοιτηταὶ κατὰ τὰς γραπτὰς δοκιμασίας τοῦ ἔτους.

ΠΡΟΣΚΛΗΣΙΣ ΦΟΙΤΗΤΩΝ

Καλοῦνται οἱ φοιτηταὶ νὰ παραλάβουν τὰ πιστοποιητικά των ἀπὸ τὴν γραμματείαν.

ΣΧΟΛΑΙ ΥΠΟΜΗΧΑΝΙΚΩΝ

Τὸ πρόγραμμα τῶν ἐξετάσεων Ἰουνίου 1967: 10 Ἰουνίου 8-10 π.μ. μαθηματικά, 12 Ἰουνίου φυσική, 14 Ἰουνίου χημεία, 16 Ἰουνίου τεχνικὸν σχέδιον, 19 Ἰουνίου μηχανική, 21 Ἰουνίου ἠλεκτρολογία, 23 Ἰουνίου ἀντοχὴ ὑλικῶν, 26 Ἰουνίου οἰκοδομική.

Τὸ πρόγραμμα τῶν ἐξετάσεων Ἰουνίου 1967: 10 Ἰουνίου 8-10 π.μ. μαθηματικά, 12 Ἰουνίου φυσική, 14 Ἰουνίου χημεία, 16 Ἰουνίου τεχνικὸν σχέδιον, 19 Ἰουνίου μηχανική, 21 Ἰουνίου ἠλεκτρολογία, 23 Ἰουνίου ἀντοχὴ ὑλικῶν, 26 Ἰουνίου οἰκοδομική.

Τὸ πρόγραμμα τῶν ἐξετάσεων Ἰουνίου 1967: 10 Ἰουνίου 8-10 π.μ. μαθηματικά, 12 Ἰουνίου φυσική, 14 Ἰουνίου χημεία, 16 Ἰουνίου τεχνικὸν σχέδιον, 19 Ἰουνίου μηχανική, 21 Ἰουνίου ἠλεκτρολογία, 23 Ἰουνίου ἀντοχὴ ὑλικῶν, 26 Ἰουνίου οἰκοδομική.

ΑΝΑΓΚΑΣΤΙΚΟΣ ΠΛΕΙΣΤΗΡΙΑΣΜΟΣ ΕΚΠΟΙΗΣΕΩΣ ΠΟΣΟΤΗΤΩΝ ΤΥΡΟΥ, ΚΡΕΜΑΣ ΚΑΙ ΚΑΣΕΡΙΟΥ

Ἡ ἐν Ἀθήναις ἑδρεύουσα ἑταιρεία γνωστοποιεῖ ὅτι κατόπιν ἀποφάσεως τοῦ δικαστηρίου θὰ ἐκποιηθοῦν διὰ πλειστηριασμοῦ αἱ κατωτέρω ποσότητες τυροῦ, κρέμας καὶ κασερίου. Ὁ πλειστηριασμὸς θὰ διεξαχθῇ ἐνώπιον συμβολαιογράφου.

1) ΤΥΡΟΣ ΦΕΤΑ ἐν δοχείοις βάρους 2.730 χιλιογράμμων. 2) ΚΡΕΜΑ ΓΑΛΑΚΤΟΣ ἐν δοχείοις. 3) ΚΑΣΕΡΙ ἐν κεφαλαῖς. Ἡ ἐκτίμησις τῆς ἀξίας ἐγένετο ὑπὸ τοῦ πραγματογνώμονος.

Ὁ πλειστηριασμὸς θὰ διεξαχθῇ εἰς τὰς ἀποθήκας τῆς ἑταιρείας τὴν 15ην Ἰουνίου 1967 ἡμέραν Πέμπτην καὶ ὥραν 10 π.μ. Πλειοδότης θὰ ἀναδειχθῇ ὁ προσφέρων τὸ μεγαλύτερον τίμημα.

Ἡ ἐν Ἀθήναις ἑδρεύουσα ἑταιρεία γνωστοποιεῖ ὅτι κατόπιν ἀποφάσεως τοῦ δικαστηρίου θὰ ἐκποιηθοῦν διὰ πλειστηριασμοῦ αἱ κατωτέρω ποσότητες τυροῦ, κρέμας καὶ κασερίου. Ὁ πλειστηριασμὸς θὰ διεξαχθῇ ἐνώπιον συμβολαιογράφου.

1) ΤΥΡΟΣ ΦΕΤΑ ἐν δοχείοις βάρους 2.730 χιλιογράμμων. 2) ΚΡΕΜΑ ΓΑΛΑΚΤΟΣ ἐν δοχείοις. 3) ΚΑΣΕΡΙ ἐν κεφαλαῖς. Ἡ ἐκτίμησις τῆς ἀξίας ἐγένετο ὑπὸ τοῦ πραγματογνώμονος.

Οἱ ἐνδιαφερόμενοι δύνανται νὰ λάβουν πληροφορίας ἀπὸ τὸ γραφεῖον τοῦ συμβολαιογράφου κατὰ τὰς ἐργασίμους ὥρας.

Ὁ πλειστηριασμὸς θὰ διεξαχθῇ εἰς τὰς ἀποθήκας τῆς ἑταιρείας τὴν 15ην Ἰουνίου 1967 ἡμέραν Πέμπτην καὶ ὥραν 10 π.μ. Πλειοδότης θὰ ἀναδειχθῇ ὁ προσφέρων τὸ μεγαλύτερον τίμημα.

1) ΤΥΡΟΣ ΦΕΤΑ ἐν δοχείοις βάρους 2.730 χιλιογράμμων. 2) ΚΡΕΜΑ ΓΑΛΑΚΤΟΣ ἐν δοχείοις. 3) ΚΑΣΕΡΙ ἐν κεφαλαῖς. Ἡ ἐκτίμησις τῆς ἀξίας ἐγένετο ὑπὸ τοῦ πραγματογνώμονος.

Οἱ ἐνδιαφερόμενοι δύνανται νὰ λάβουν πληροφορίας ἀπὸ τὸ γραφεῖον τοῦ συμβολαιογράφου κατὰ τὰς ἐργασίμους ὥρας.

Ἡ ἐν Ἀθήναις ἑδρεύουσα ἑταιρεία γνωστοποιεῖ ὅτι κατόπιν ἀποφάσεως τοῦ δικαστηρίου θὰ ἐκποιηθοῦν διὰ πλειστηριασμοῦ αἱ κατωτέρω ποσότητες τυροῦ, κρέμας καὶ κασερίου. Ὁ πλειστηριασμὸς θὰ διεξαχθῇ ἐνώπιον συμβολαιογράφου.

Ὁ πλειστηριασμὸς θὰ διεξαχθῇ εἰς τὰς ἀποθήκας τῆς ἑταιρείας τὴν 15ην Ἰουνίου 1967 ἡμέραν Πέμπτην καὶ ὥραν 10 π.μ. Πλειοδότης θὰ ἀναδειχθῇ ὁ προσφέρων τὸ μεγαλύτερον τίμημα.

Ὁ Συμβολαιογράφος

ΝΑΥΤΙΚΟΝ ΛΥΚΕΙΟΝ
ΟΙ ΑΡΓΟΝΑΥΤΑΙ

Διὰ τὰς εἰσαγωγικὰς ἐξετάσεις τῶν σχολῶν ἐμπορικοῦ ναυτικοῦ ἀρχίζουν φροντιστηριακὰ τμήματα. Ἐγγραφαὶ καθημερινῶς.

ΚΕΝΤΡΙΚΑ ΓΡΑΦΕΙΑ: Πλατεῖα Ἁγ. Σοφίας
ΔΙΑΤΙΘΕΝΤΑΙ
ΖΑΧΑΡΟΠΛΑΣΤΕΙΑ ΠΟΛΥΤΕΛΕΙΑΣ
Θέσεις κεντρικώταται. Πλήρους ἐξοπλισμοῦ. Πελατεία μεγάλη. Τηλεφωνήσατε 28-718
